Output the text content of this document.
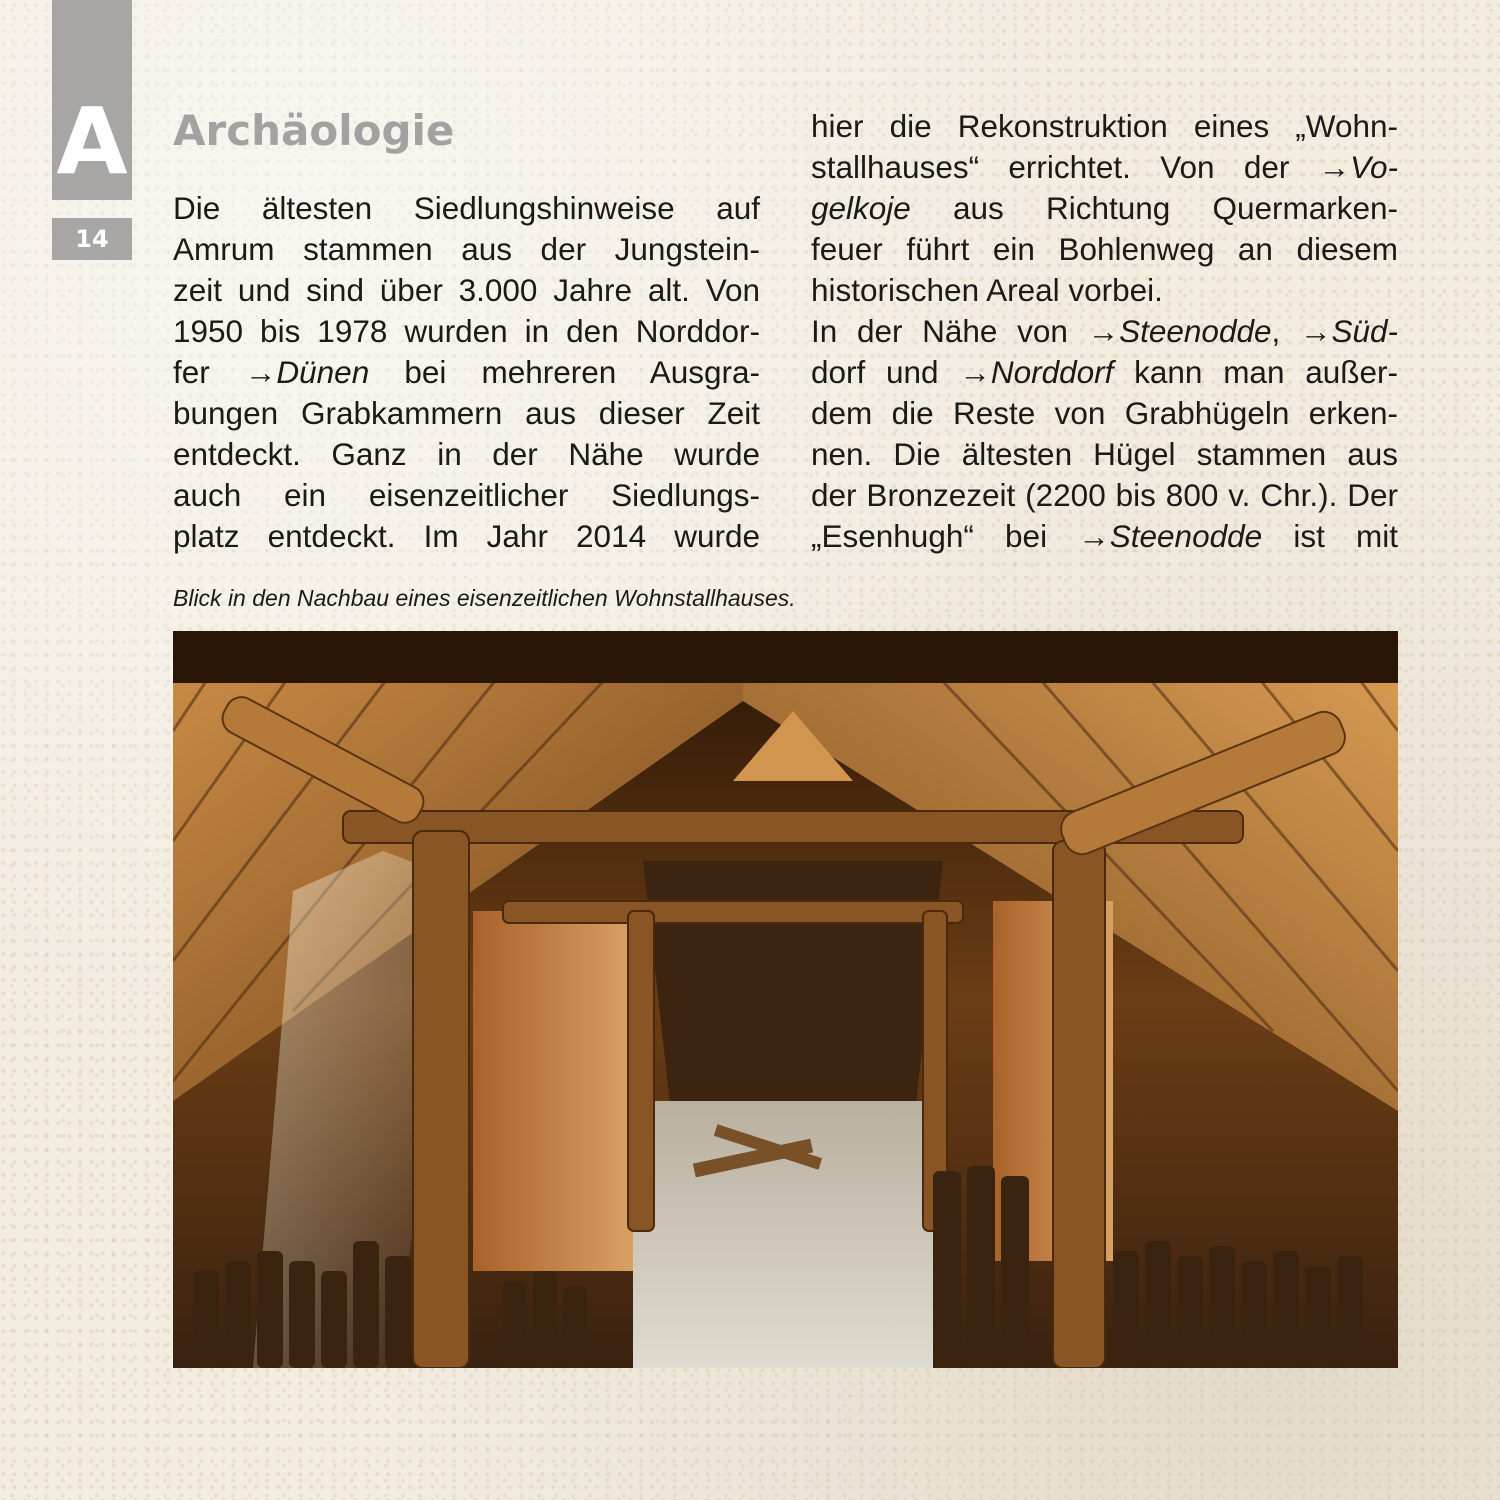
A
14
Archäologie

Die ältesten Siedlungshinweise auf
Amrum stammen aus der Jungstein-
zeit und sind über 3.000 Jahre alt. Von
1950 bis 1978 wurden in den Norddor-
fer →Dünen bei mehreren Ausgra-
bungen Grabkammern aus dieser Zeit
entdeckt. Ganz in der Nähe wurde
auch ein eisenzeitlicher Siedlungs-
platz entdeckt. Im Jahr 2014 wurde

hier die Rekonstruktion eines „Wohn-
stallhauses“ errichtet. Von der →Vo-
gelkoje aus Richtung Quermarken-
feuer führt ein Bohlenweg an diesem
historischen Areal vorbei.
In der Nähe von →Steenodde, →Süd-
dorf und →Norddorf kann man außer-
dem die Reste von Grabhügeln erken-
nen. Die ältesten Hügel stammen aus
der Bronzezeit (2200 bis 800 v. Chr.). Der
„Esenhugh“ bei →Steenodde ist mit

Blick in den Nachbau eines eisenzeitlichen Wohnstallhauses.
